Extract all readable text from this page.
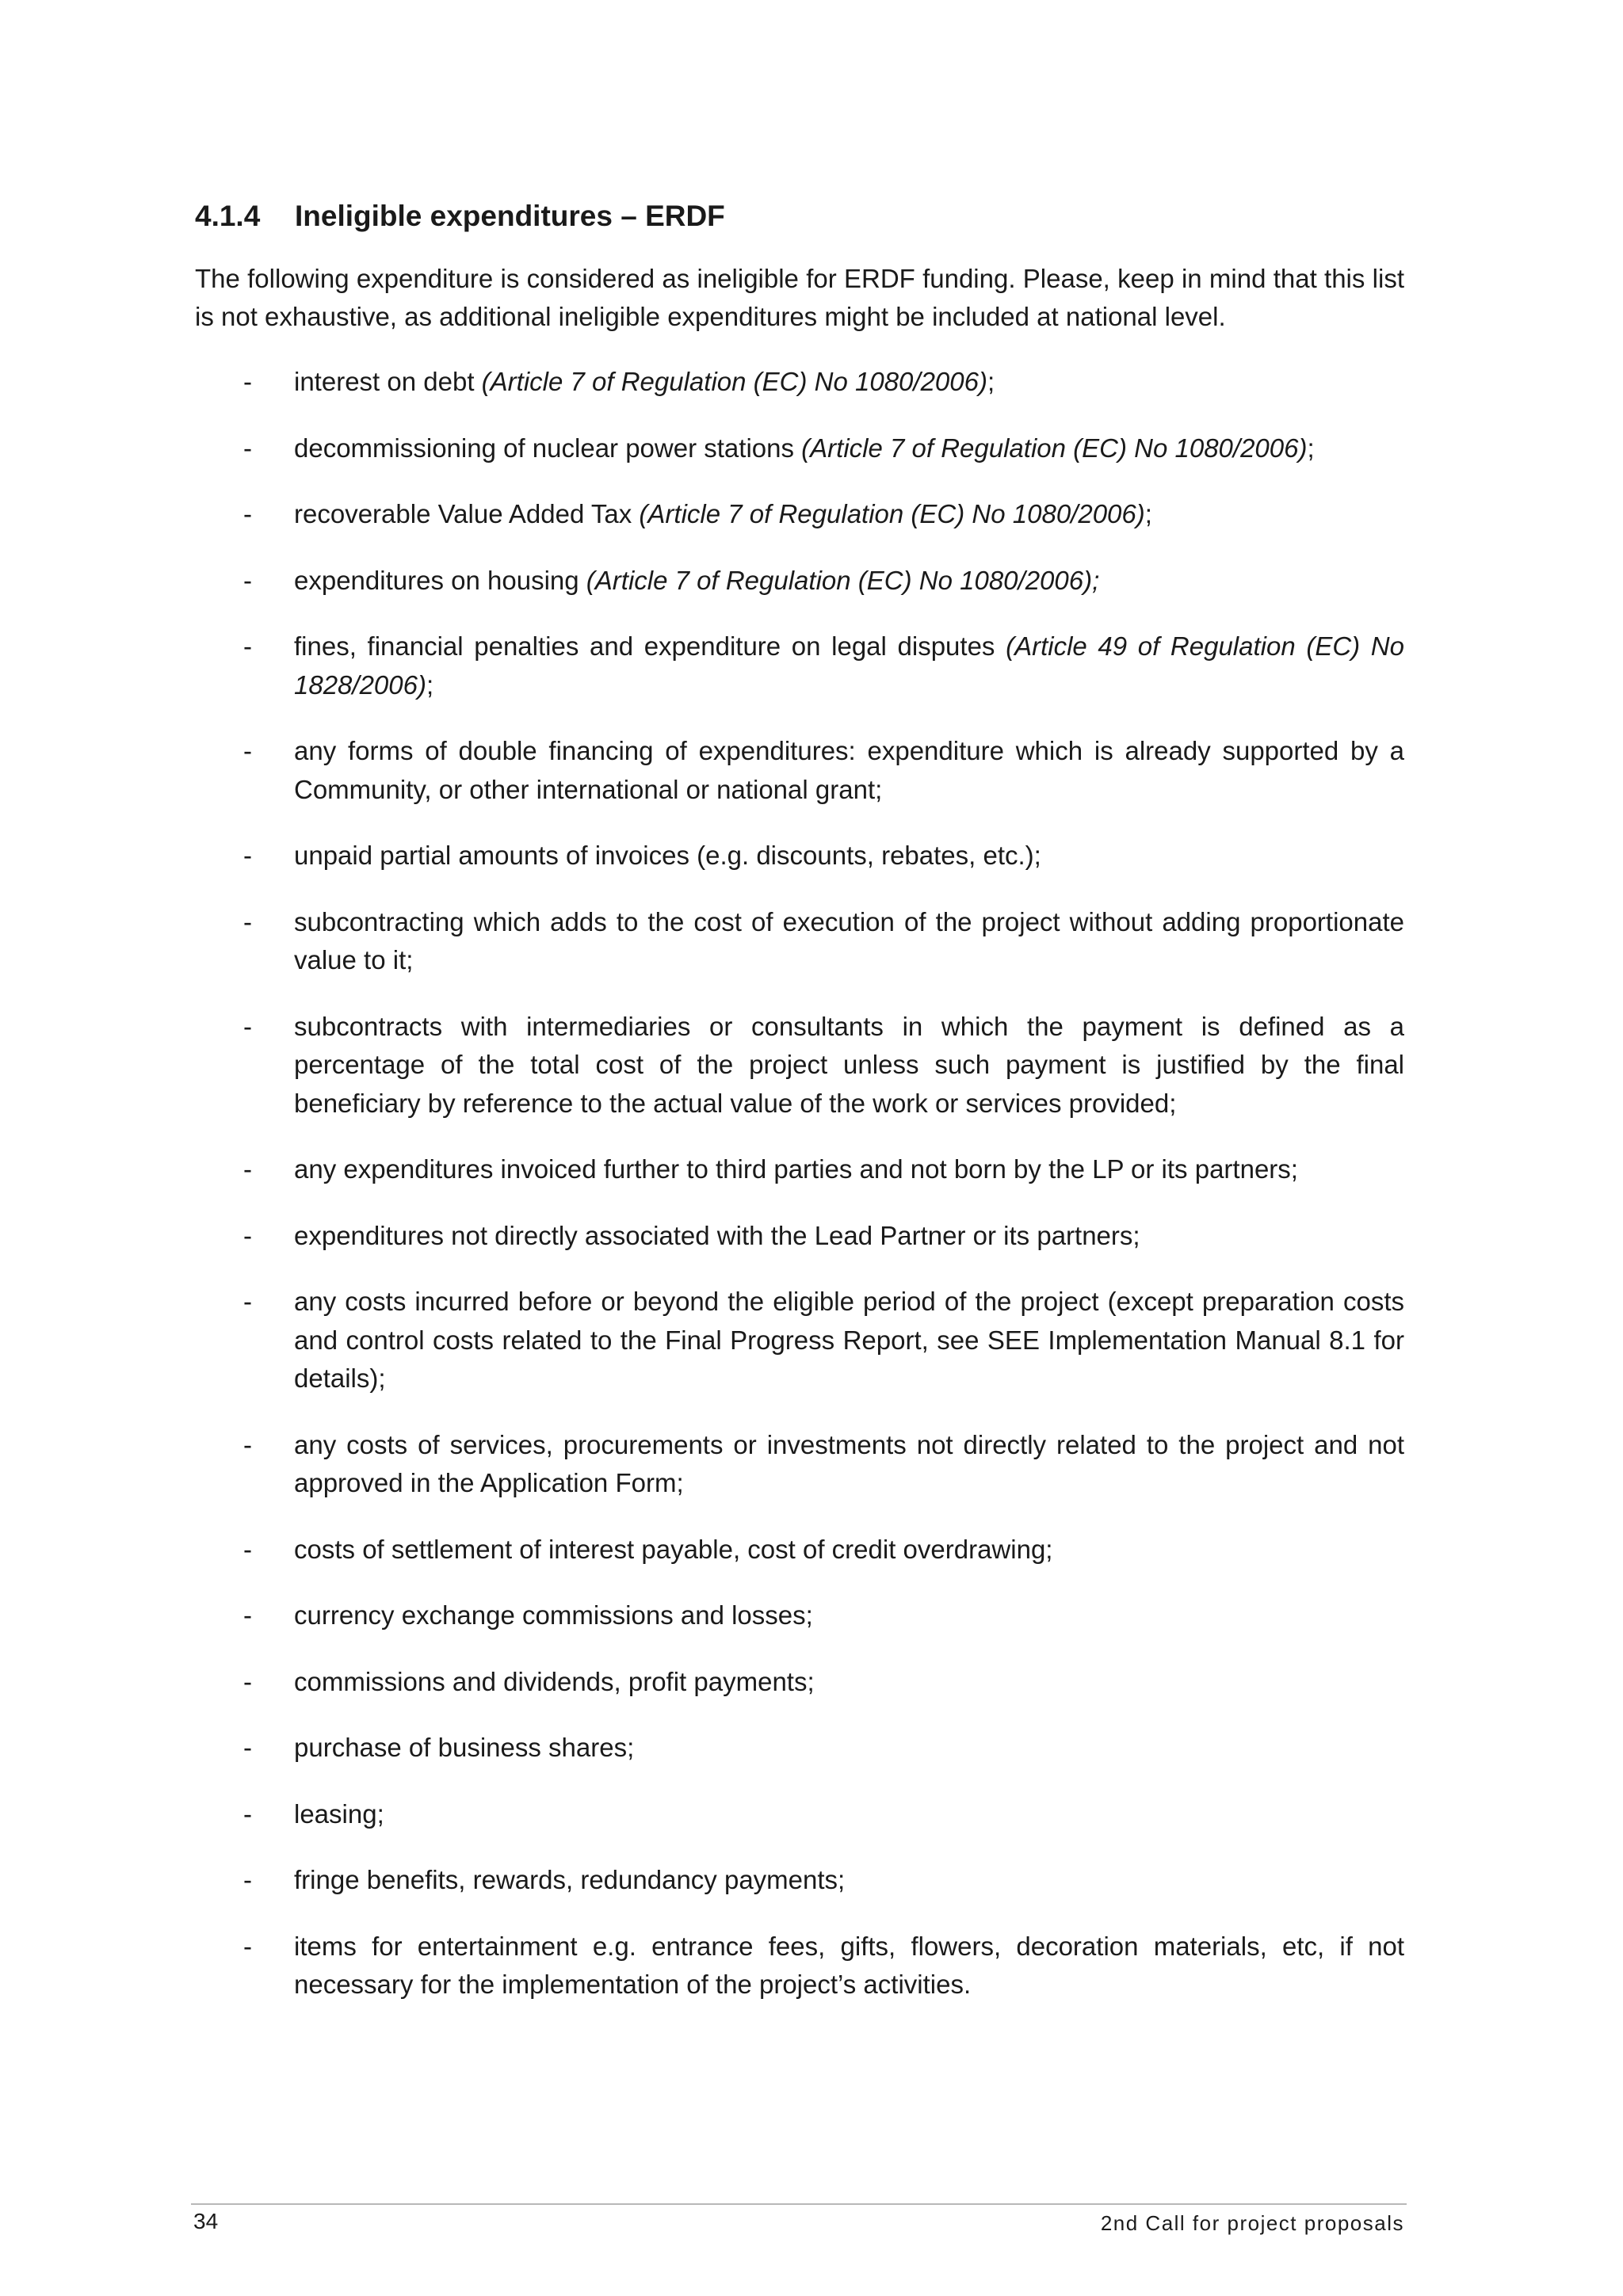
4.1.4 Ineligible expenditures – ERDF

The following expenditure is considered as ineligible for ERDF funding. Please, keep in mind that this list is not exhaustive, as additional ineligible expenditures might be included at national level.

- interest on debt (Article 7 of Regulation (EC) No 1080/2006);
- decommissioning of nuclear power stations (Article 7 of Regulation (EC) No 1080/2006);
- recoverable Value Added Tax (Article 7 of Regulation (EC) No 1080/2006);
- expenditures on housing (Article 7 of Regulation (EC) No 1080/2006);
- fines, financial penalties and expenditure on legal disputes (Article 49 of Regulation (EC) No 1828/2006);
- any forms of double financing of expenditures: expenditure which is already supported by a Community, or other international or national grant;
- unpaid partial amounts of invoices (e.g. discounts, rebates, etc.);
- subcontracting which adds to the cost of execution of the project without adding proportionate value to it;
- subcontracts with intermediaries or consultants in which the payment is defined as a percentage of the total cost of the project unless such payment is justified by the final beneficiary by reference to the actual value of the work or services provided;
- any expenditures invoiced further to third parties and not born by the LP or its partners;
- expenditures not directly associated with the Lead Partner or its partners;
- any costs incurred before or beyond the eligible period of the project (except preparation costs and control costs related to the Final Progress Report, see SEE Implementation Manual 8.1 for details);
- any costs of services, procurements or investments not directly related to the project and not approved in the Application Form;
- costs of settlement of interest payable, cost of credit overdrawing;
- currency exchange commissions and losses;
- commissions and dividends, profit payments;
- purchase of business shares;
- leasing;
- fringe benefits, rewards, redundancy payments;
- items for entertainment e.g. entrance fees, gifts, flowers, decoration materials, etc, if not necessary for the implementation of the project’s activities.
34	2nd Call for project proposals
